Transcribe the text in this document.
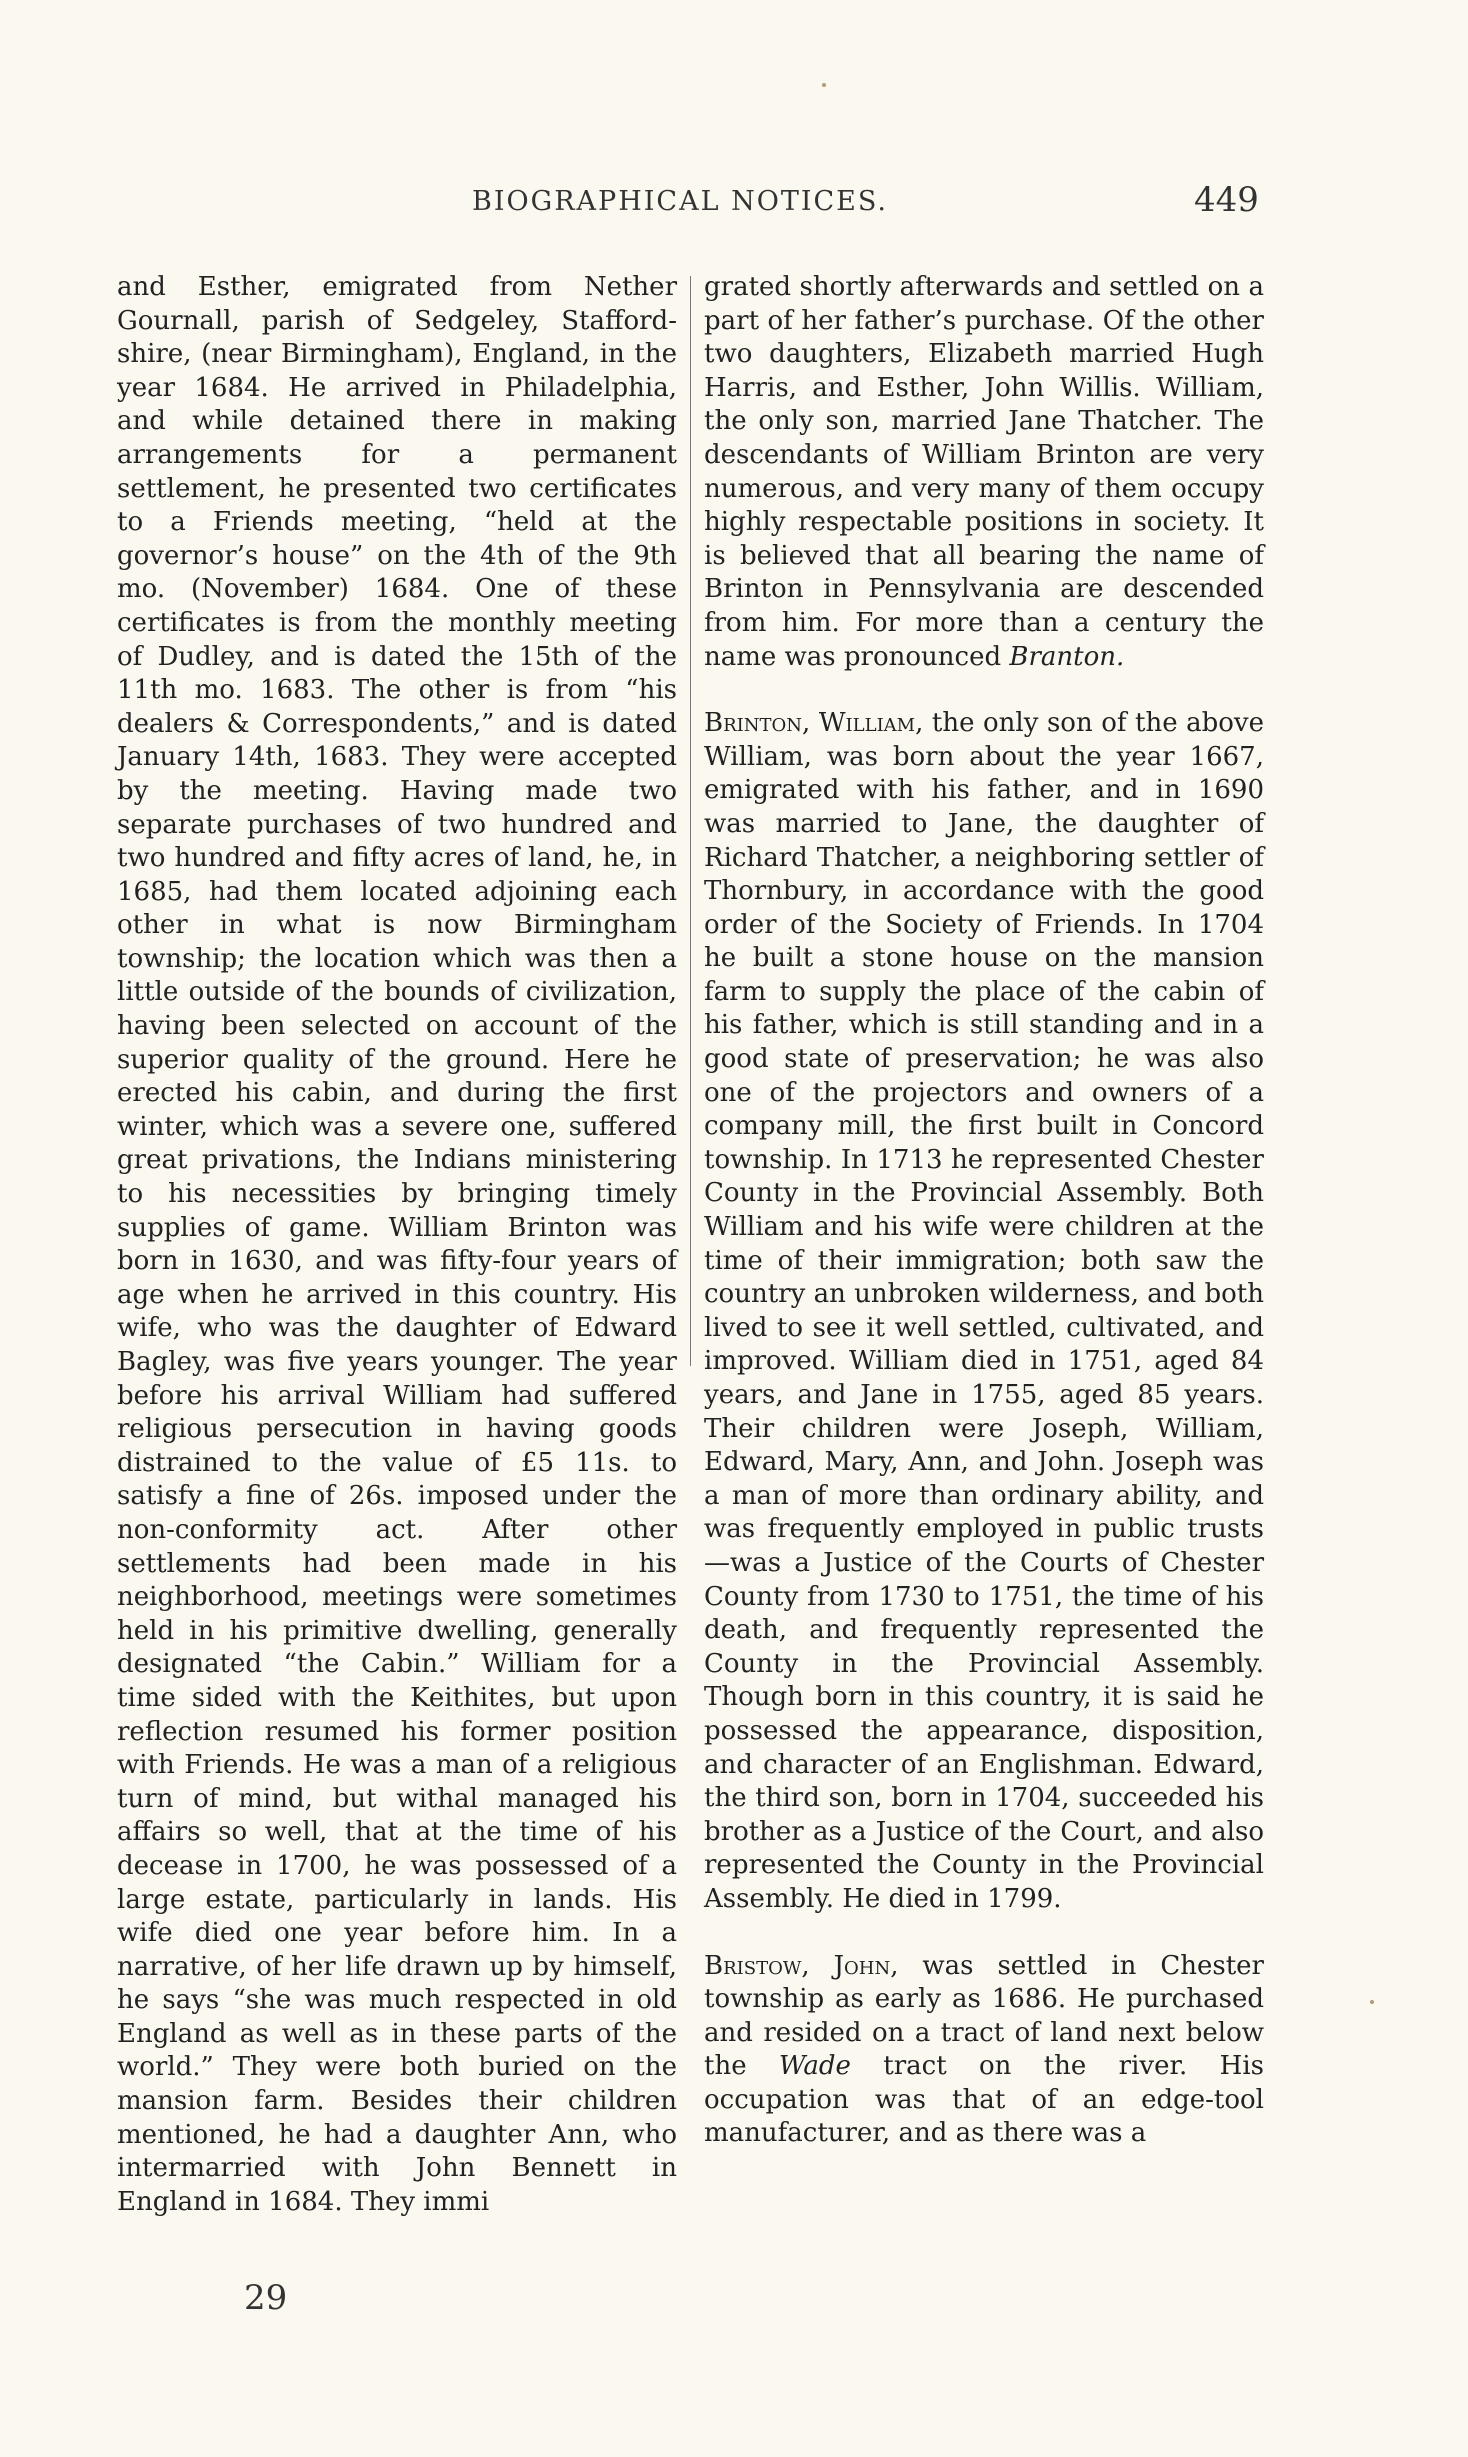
BIOGRAPHICAL NOTICES.	449

and Esther, emigrated from Nether Gournall, parish of Sedgeley, Staffordshire, (near Birmingham), England, in the year 1684. He arrived in Philadelphia, and while detained there in making arrangements for a permanent settlement, he presented two certificates to a Friends meeting, “held at the governor’s house” on the 4th of the 9th mo. (November) 1684. One of these certificates is from the monthly meeting of Dudley, and is dated the 15th of the 11th mo. 1683. The other is from “his dealers & Correspondents,” and is dated January 14th, 1683. They were accepted by the meeting. Having made two separate purchases of two hundred and two hundred and fifty acres of land, he, in 1685, had them located adjoining each other in what is now Birmingham township; the location which was then a little outside of the bounds of civilization, having been selected on account of the superior quality of the ground. Here he erected his cabin, and during the first winter, which was a severe one, suffered great privations, the Indians ministering to his necessities by bringing timely supplies of game. William Brinton was born in 1630, and was fifty-four years of age when he arrived in this country. His wife, who was the daughter of Edward Bagley, was five years younger. The year before his arrival William had suffered religious persecution in having goods distrained to the value of £5 11s. to satisfy a fine of 26s. imposed under the non-conformity act. After other settlements had been made in his neighborhood, meetings were sometimes held in his primitive dwelling, generally designated “the Cabin.” William for a time sided with the Keithites, but upon reflection resumed his former position with Friends. He was a man of a religious turn of mind, but withal managed his affairs so well, that at the time of his decease in 1700, he was possessed of a large estate, particularly in lands. His wife died one year before him. In a narrative, of her life drawn up by himself, he says “she was much respected in old England as well as in these parts of the world.” They were both buried on the mansion farm. Besides their children mentioned, he had a daughter Ann, who intermarried with John Bennett in England in 1684. They immi

grated shortly afterwards and settled on a part of her father’s purchase. Of the other two daughters, Elizabeth married Hugh Harris, and Esther, John Willis. William, the only son, married Jane Thatcher. The descendants of William Brinton are very numerous, and very many of them occupy highly respectable positions in society. It is believed that all bearing the name of Brinton in Pennsylvania are descended from him. For more than a century the name was pronounced Branton.

Brinton, William, the only son of the above William, was born about the year 1667, emigrated with his father, and in 1690 was married to Jane, the daughter of Richard Thatcher, a neighboring settler of Thornbury, in accordance with the good order of the Society of Friends. In 1704 he built a stone house on the mansion farm to supply the place of the cabin of his father, which is still standing and in a good state of preservation; he was also one of the projectors and owners of a company mill, the first built in Concord township. In 1713 he represented Chester County in the Provincial Assembly. Both William and his wife were children at the time of their immigration; both saw the country an unbroken wilderness, and both lived to see it well settled, cultivated, and improved. William died in 1751, aged 84 years, and Jane in 1755, aged 85 years. Their children were Joseph, William, Edward, Mary, Ann, and John. Joseph was a man of more than ordinary ability, and was frequently employed in public trusts—was a Justice of the Courts of Chester County from 1730 to 1751, the time of his death, and frequently represented the County in the Provincial Assembly. Though born in this country, it is said he possessed the appearance, disposition, and character of an Englishman. Edward, the third son, born in 1704, succeeded his brother as a Justice of the Court, and also represented the County in the Provincial Assembly. He died in 1799.

Bristow, John, was settled in Chester township as early as 1686. He purchased and resided on a tract of land next below the Wade tract on the river. His occupation was that of an edge-tool manufacturer, and as there was a

29
